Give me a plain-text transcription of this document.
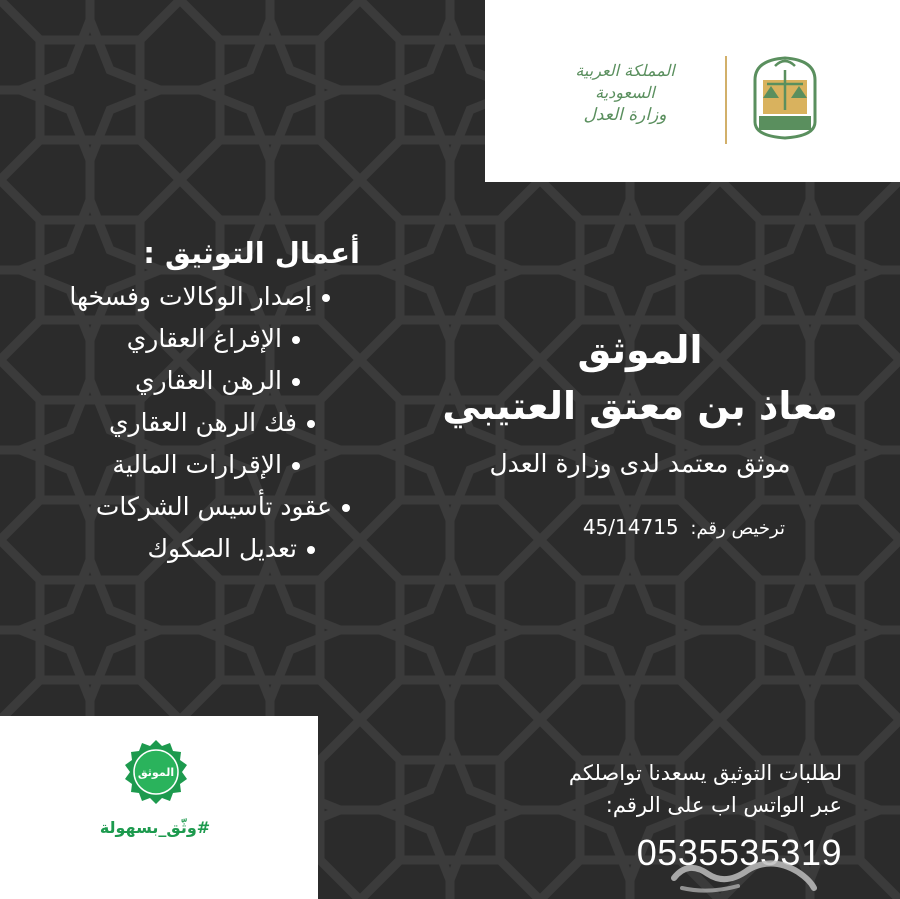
المملكة العربية السعودية
وزارة العدل
أعمال التوثيق :
إصدار الوكالات وفسخها
الإفراغ العقاري
الرهن العقاري
فك الرهن العقاري
الإقرارات المالية
عقود تأسيس الشركات
تعديل الصكوك
الموثق
معاذ بن معتق العتيبي
موثق معتمد لدى وزارة العدل
ترخيص رقم: 45/14715
لطلبات التوثيق يسعدنا تواصلكم
عبر الواتس اب على الرقم:
0535535319
الموثق
#وثّق_بسهولة
